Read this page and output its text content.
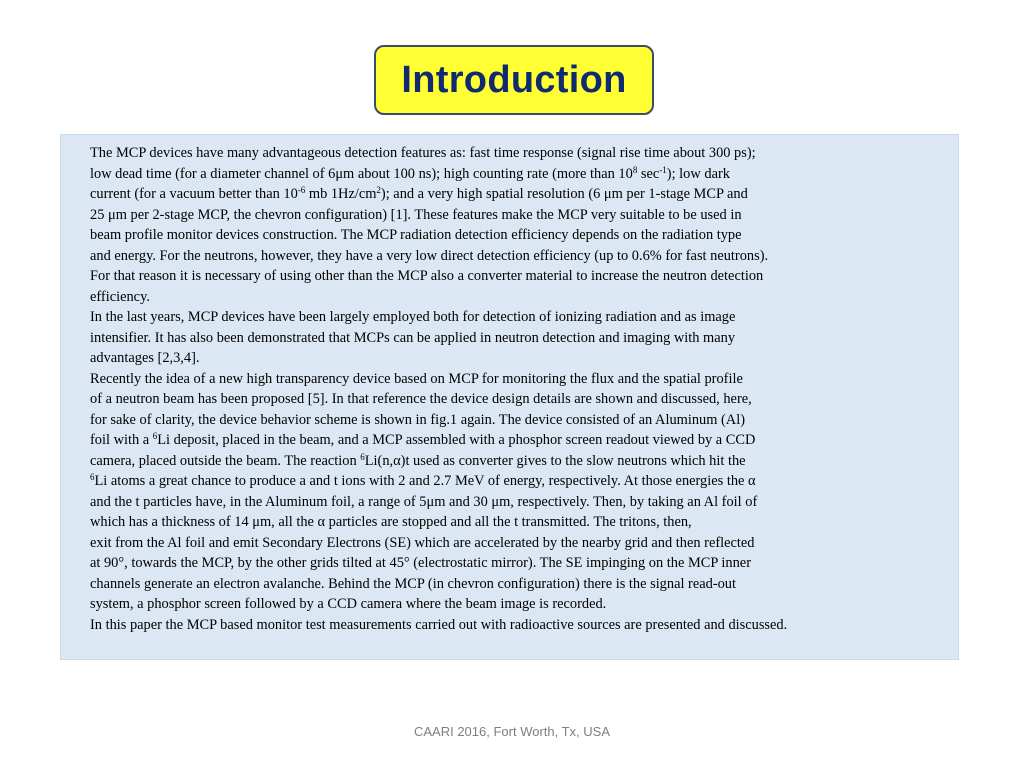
Introduction
The MCP devices have many advantageous detection features as: fast time response (signal rise time about 300 ps);
low dead time (for a diameter channel of 6μm about 100 ns); high counting rate (more than $10^8$ $\sec^{-1}$); low dark
current (for a vacuum better than $10^{-6}$ mb $1Hz/cm^2$); and a very high spatial resolution (6 μm per 1-stage MCP and
25 μm per 2-stage MCP, the chevron configuration) [1]. These features make the MCP very suitable to be used in
beam profile monitor devices construction. The MCP radiation detection efficiency depends on the radiation type
and energy. For the neutrons, however, they have a very low direct detection efficiency (up to 0.6% for fast neutrons).
For that reason it is necessary of using other than the MCP also a converter material to increase the neutron detection
efficiency.
In the last years, MCP devices have been largely employed both for detection of ionizing radiation and as image
intensifier. It has also been demonstrated that MCPs can be applied in neutron detection and imaging with many
advantages [2,3,4].
Recently the idea of a new high transparency device based on MCP for monitoring the flux and the spatial profile
of a neutron beam has been proposed [5]. In that reference the device design details are shown and discussed, here,
for sake of clarity, the device behavior scheme is shown in fig.1 again. The device consisted of an Aluminum (Al)
foil with a $^6$Li deposit, placed in the beam, and a MCP assembled with a phosphor screen readout viewed by a CCD
camera, placed outside the beam. The reaction $^6$Li(n,α)t used as converter gives to the slow neutrons which hit the
$^6$Li atoms a great chance to produce a and t ions with 2 and 2.7 MeV of energy, respectively. At those energies the α
and the t particles have, in the Aluminum foil, a range of 5μm and 30 μm, respectively. Then, by taking an Al foil of
which has a thickness of 14 μm, all the α particles are stopped and all the t transmitted. The tritons, then,
exit from the Al foil and emit Secondary Electrons (SE) which are accelerated by the nearby grid and then reflected
at 90°, towards the MCP, by the other grids tilted at 45° (electrostatic mirror). The SE impinging on the MCP inner
channels generate an electron avalanche. Behind the MCP (in chevron configuration) there is the signal read-out
system, a phosphor screen followed by a CCD camera where the beam image is recorded.
In this paper the MCP based monitor test measurements carried out with radioactive sources are presented and discussed.
CAARI 2016, Fort Worth, Tx, USA
